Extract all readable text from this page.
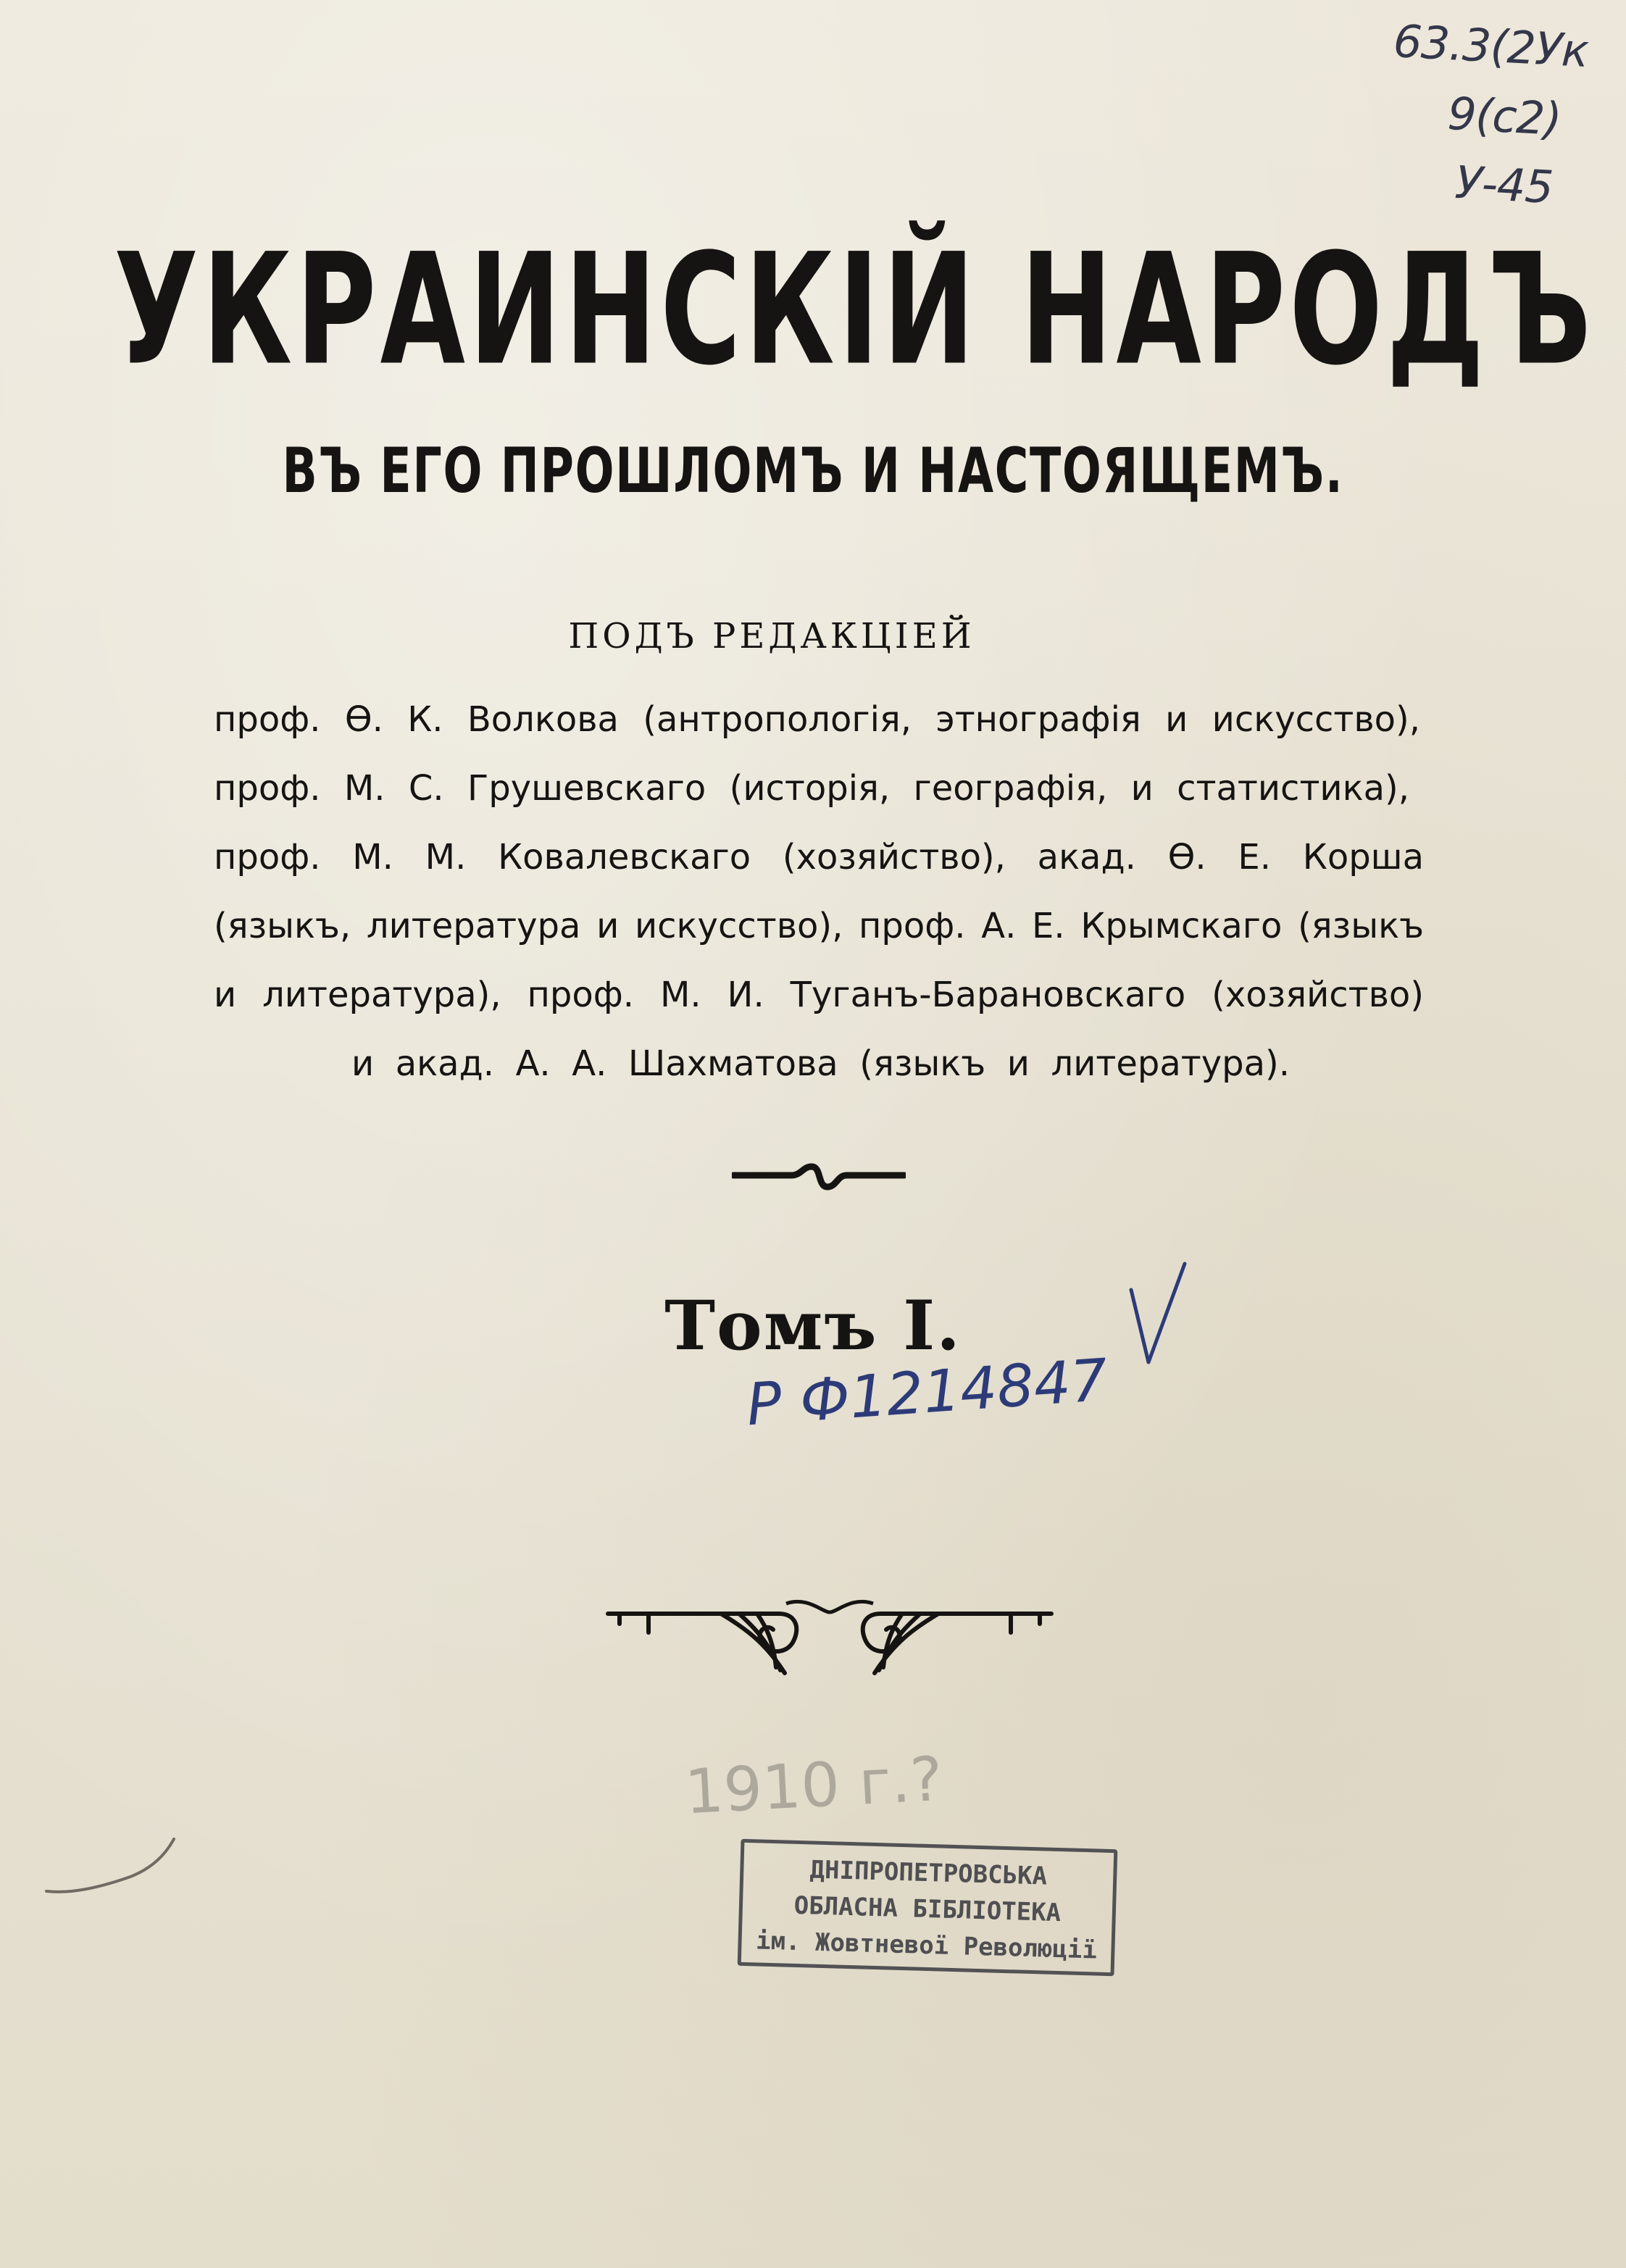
63.3(2Ук
9(с2)
У-45
УКРАИНСКІЙ НАРОДЪ
ВЪ ЕГО ПРОШЛОМЪ И НАСТОЯЩЕМЪ.
ПОДЪ РЕДАКЦІЕЙ
проф. Ѳ. К. Волкова (антропологія, этнографія и искусство),
проф. М. С. Грушевскаго (исторія, географія, и статистика),
проф. М. М. Ковалевскаго (хозяйство), акад. Ѳ. Е. Корша
(языкъ, литература и искусство), проф. А. Е. Крымскаго (языкъ
и литература), проф. М. И. Туганъ-Барановскаго (хозяйство)
и акад. А. А. Шахматова (языкъ и литература).
Томъ I.
Р Ф1214847
1910 г.?
ДНІПРОПЕТРОВСЬКА
ОБЛАСНА БІБЛІОТЕКА
ім. Жовтневої Революції
